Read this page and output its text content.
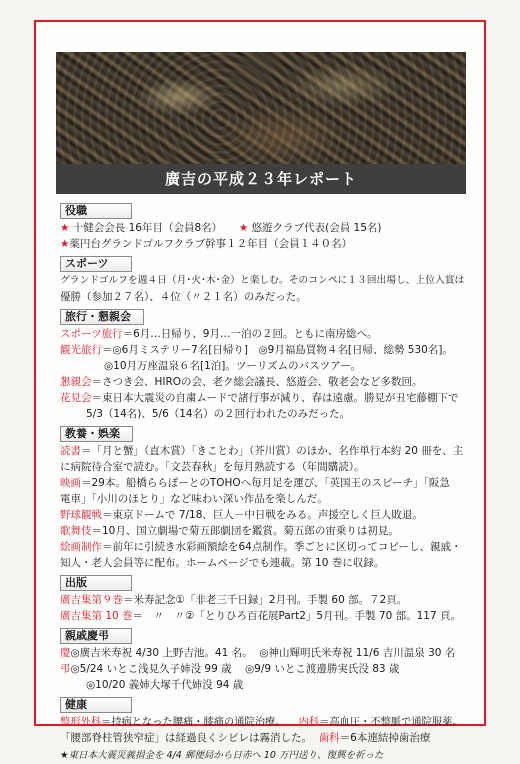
廣吉の平成２３年レポート
役職
★ 十健会会長 16年目（会員8名） ★ 悠遊クラブ代表(会員 15名)
★薬円台グランドゴルフクラブ幹事１２年目（会員１４０名）
スポーツ
グランドゴルフを週４日（月･火･木･金）と楽しむ。そのコンペに１３回出場し、上位入賞は
優勝（参加２７名）、４位（〃２１名）のみだった。
旅行・懇親会
スポーツ旅行＝6月…日帰り、9月…一泊の２回。ともに南房総へ。
観光旅行＝◎6月ミステリー7名[日帰り]　◎9月福島買物４名[日帰、総勢 530名]。
◎10月万座温泉６名[1泊]。ツーリズムのバスツアー。
懇親会＝さつき会、HIROの会、老ク総会議長、悠遊会、敬老会など多数回。
花見会＝東日本大震災の自粛ムードで諸行事が減り、春は遠慮。勝見が丑宅藤棚下で
5/3（14名)、5/6（14名）の２回行われたのみだった。
教養・娯楽
読書＝「月と蟹」（直木賞）「きことわ」（芥川賞）のほか、名作単行本約 20 冊を、主
に病院待合室で読む。「文芸春秋」を毎月熟読する（年間購読）。
映画＝29本。船橋ららぽーとのTOHOへ毎月足を運び、「英国王のスピーチ」「阪急
電車」「小川のほとり」など味わい深い作品を楽しんだ。
野球観戦＝東京ドームで 7/18、巨人－中日戦をみる。声援空しく巨人敗退。
歌舞伎＝10月、国立劇場で菊五郎劇団を鑑賞。菊五郎の宙乗りは初見。
絵画制作＝前年に引続き水彩画額絵を64点制作。季ごとに区切ってコピーし、親戚・
知人・老人会員等に配布。ホームページでも連載。第 10 巻に収録。
出版
廣吉集第９巻＝米寿記念①「非老三千日録」2月刊。手製 60 部。７2頁。
廣吉集第 10 巻＝　〃　〃②「とりひろ百花展Part2」5月刊。手製 70 部。117 頁。
親戚慶弔
慶◎廣吉米寿祝 4/30 上野吉池。41 名。 ◎神山輝明氏米寿祝 11/6 吉川温泉 30 名
弔◎5/24 いとこ浅見久子姉没 99 歳 ◎9/9 いとこ渡邊勝実氏没 83 歳
◎10/20 義姉大塚千代姉没 94 歳
健康
整形外科＝持病となった腰痛・膝痛の通院治療。 内科＝高血圧・不整脈で通院服薬。
「腰部脊柱管狭窄症」は経過良くシビレは霧消した。 歯科＝6本連結掉歯治療
★東日本大震災義捐金を 4/4 郵便局から日赤へ 10 万円送り、復興を祈った
